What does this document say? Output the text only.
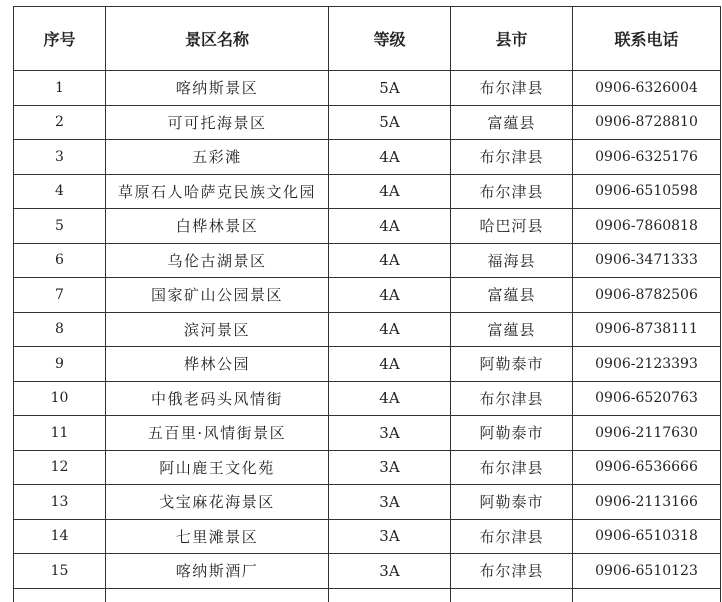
序号	景区名称	等级	县市	联系电话
1	喀纳斯景区	5A	布尔津县	0906-6326004
2	可可托海景区	5A	富蕴县	0906-8728810
3	五彩滩	4A	布尔津县	0906-6325176
4	草原石人哈萨克民族文化园	4A	布尔津县	0906-6510598
5	白桦林景区	4A	哈巴河县	0906-7860818
6	乌伦古湖景区	4A	福海县	0906-3471333
7	国家矿山公园景区	4A	富蕴县	0906-8782506
8	滨河景区	4A	富蕴县	0906-8738111
9	桦林公园	4A	阿勒泰市	0906-2123393
10	中俄老码头风情街	4A	布尔津县	0906-6520763
11	五百里·风情街景区	3A	阿勒泰市	0906-2117630
12	阿山鹿王文化苑	3A	布尔津县	0906-6536666
13	戈宝麻花海景区	3A	阿勒泰市	0906-2113166
14	七里滩景区	3A	布尔津县	0906-6510318
15	喀纳斯酒厂	3A	布尔津县	0906-6510123
